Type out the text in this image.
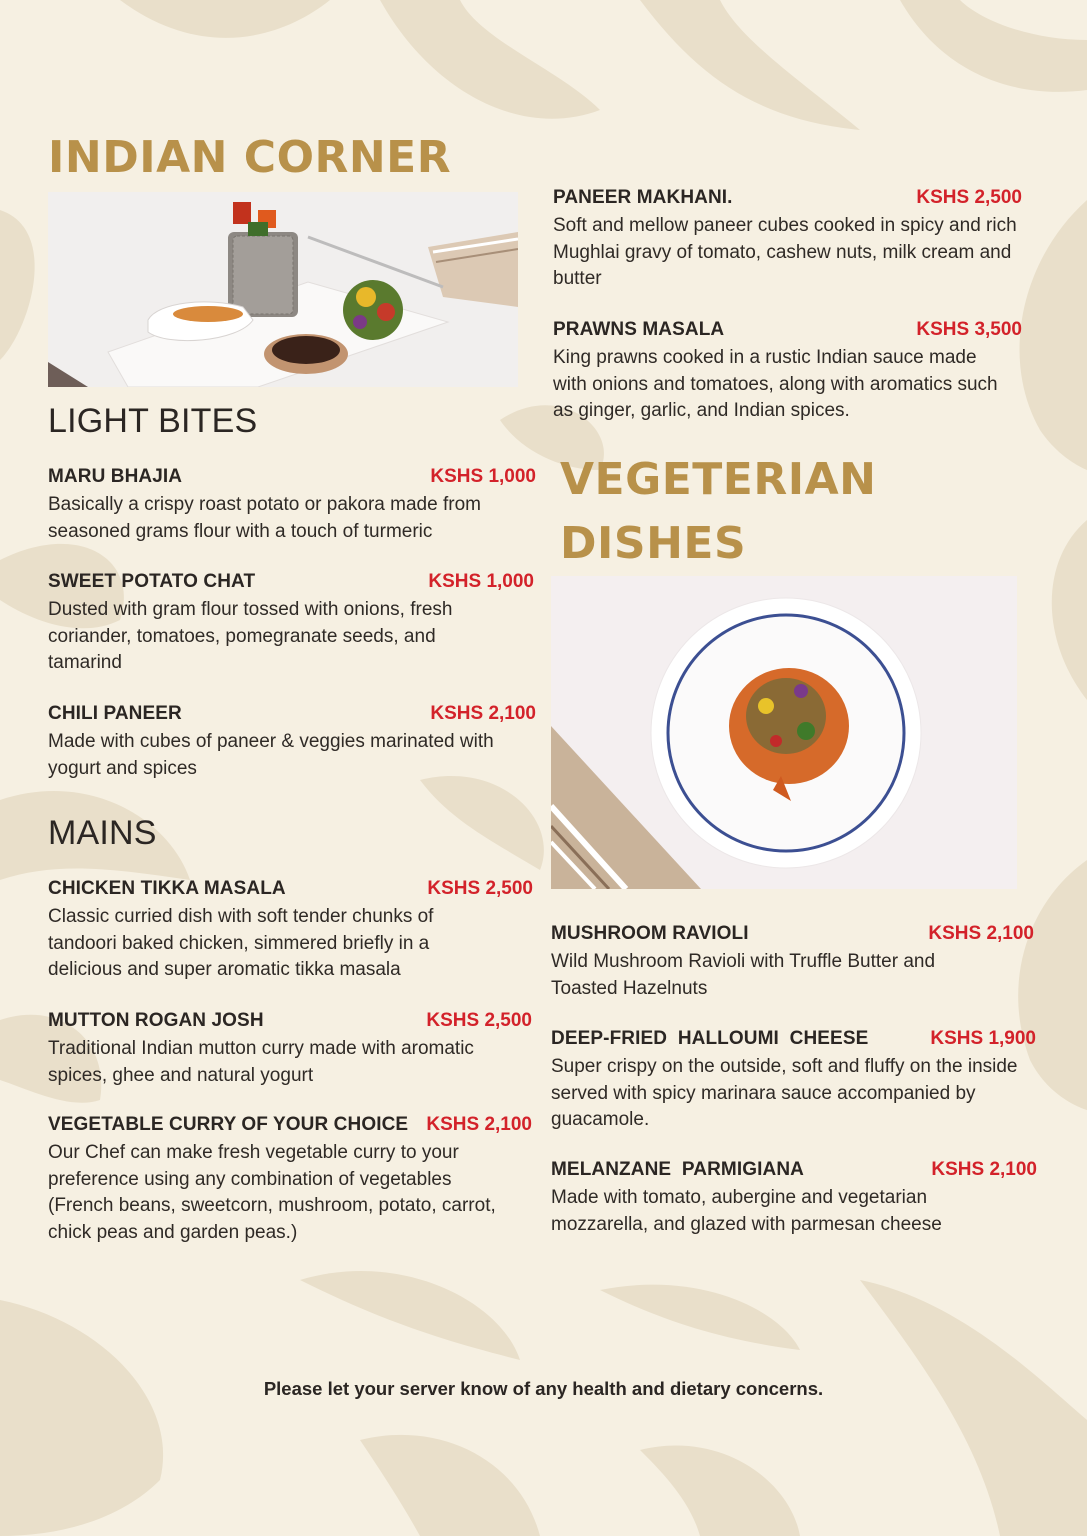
INDIAN CORNER
LIGHT BITES
MAINS
VEGETERIAN
DISHES
MARU BHAJIA	KSHS 1,000

Basically a crispy roast potato or pakora made from seasoned grams flour with a touch of turmeric

SWEET POTATO CHAT	KSHS 1,000

Dusted with gram flour tossed with onions, fresh coriander, tomatoes, pomegranate seeds, and tamarind

CHILI PANEER	KSHS 2,100

Made with cubes of paneer & veggies marinated with yogurt and spices

CHICKEN TIKKA MASALA	KSHS 2,500

Classic curried dish with soft tender chunks of tandoori baked chicken, simmered briefly in a delicious and super aromatic tikka masala

MUTTON ROGAN JOSH	KSHS 2,500

Traditional Indian mutton curry made with aromatic spices, ghee and natural yogurt

VEGETABLE CURRY OF YOUR CHOICE KSHS 2,100

Our Chef can make fresh vegetable curry to your preference using any combination of vegetables (French beans, sweetcorn, mushroom, potato, carrot, chick peas and garden peas.)

PANEER MAKHANI.	KSHS 2,500

Soft and mellow paneer cubes cooked in spicy and rich Mughlai gravy of tomato, cashew nuts, milk cream and butter

PRAWNS MASALA	KSHS 3,500

King prawns cooked in a rustic Indian sauce made with onions and tomatoes, along with aromatics such as ginger, garlic, and Indian spices.

MUSHROOM RAVIOLI	KSHS 2,100

Wild Mushroom Ravioli with Truffle Butter and Toasted Hazelnuts

DEEP-FRIED  HALLOUMI  CHEESE	KSHS 1,900

Super crispy on the outside, soft and fluffy on the inside served with spicy marinara sauce accompanied by guacamole.

MELANZANE  PARMIGIANA	KSHS 2,100

Made with tomato, aubergine and vegetarian mozzarella, and glazed with parmesan cheese

Please let your server know of any health and dietary concerns.
